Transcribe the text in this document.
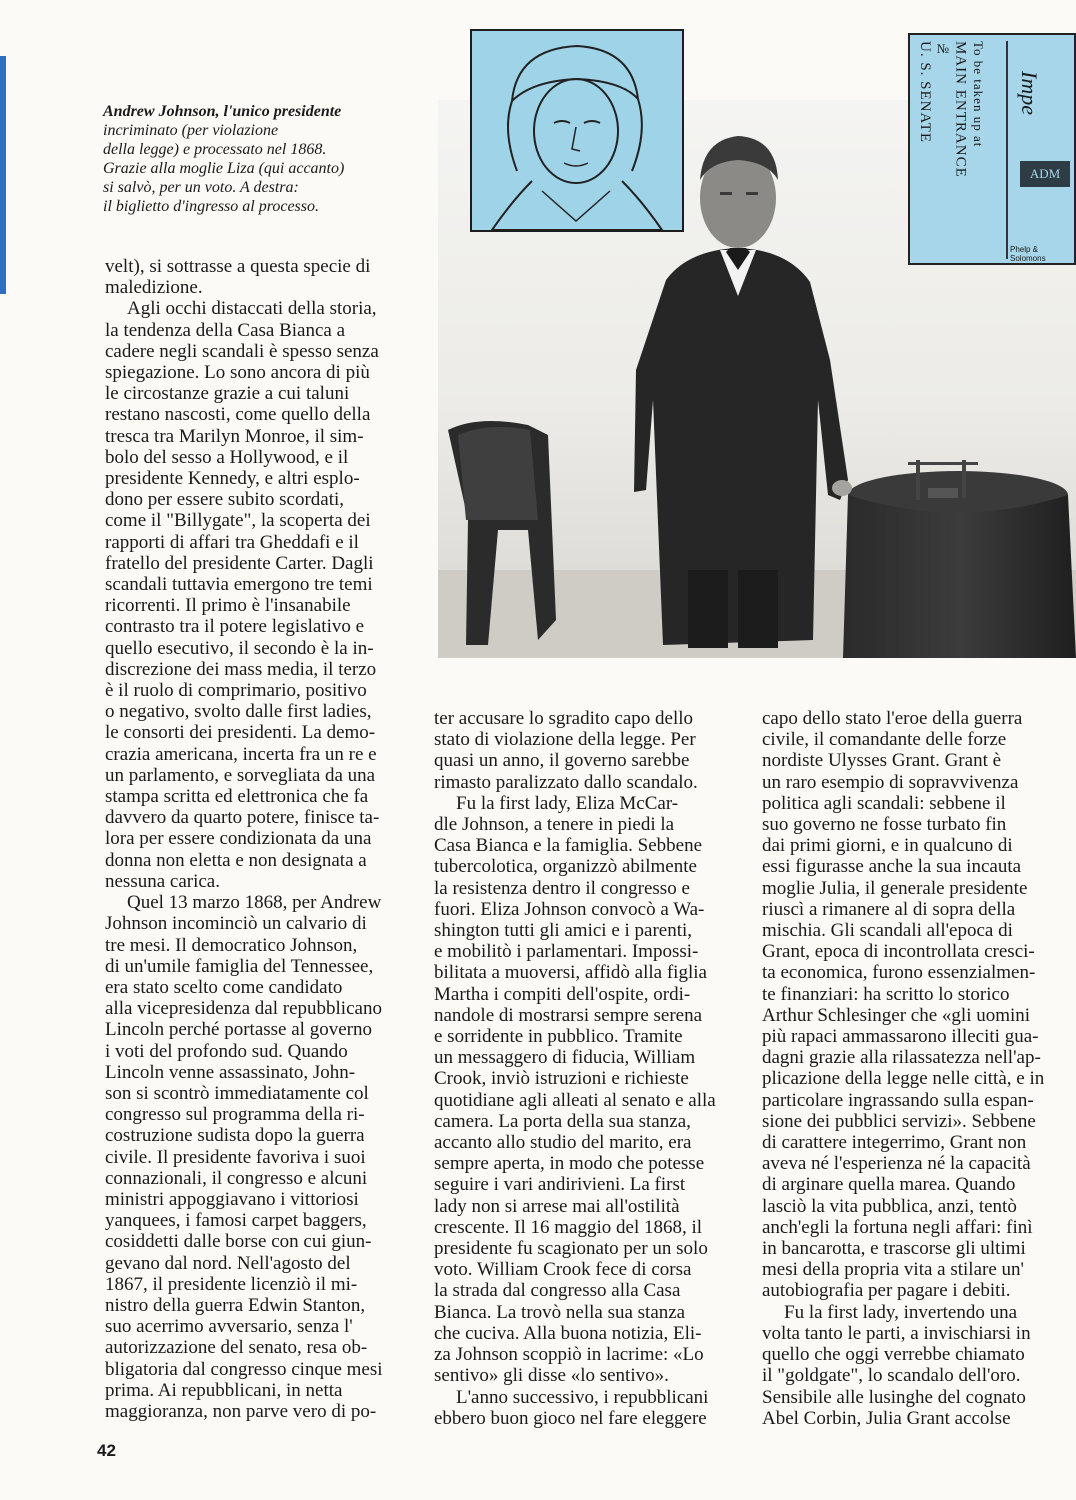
Andrew Johnson, l'unico presidente
incriminato (per violazione
della legge) e processato nel 1868.
Grazie alla moglie Liza (qui accanto)
si salvò, per un voto. A destra:
il biglietto d'ingresso al processo.
To be taken up at
MAIN ENTRANCE
№
U. S. SENATE	Impe
ADM
Phelp & Solomons
velt), si sottrasse a questa specie di
maledizione.
Agli occhi distaccati della storia,
la tendenza della Casa Bianca a
cadere negli scandali è spesso senza
spiegazione. Lo sono ancora di più
le circostanze grazie a cui taluni
restano nascosti, come quello della
tresca tra Marilyn Monroe, il sim-
bolo del sesso a Hollywood, e il
presidente Kennedy, e altri esplo-
dono per essere subito scordati,
come il "Billygate", la scoperta dei
rapporti di affari tra Gheddafi e il
fratello del presidente Carter. Dagli
scandali tuttavia emergono tre temi
ricorrenti. Il primo è l'insanabile
contrasto tra il potere legislativo e
quello esecutivo, il secondo è la in-
discrezione dei mass media, il terzo
è il ruolo di comprimario, positivo
o negativo, svolto dalle first ladies,
le consorti dei presidenti. La demo-
crazia americana, incerta fra un re e
un parlamento, e sorvegliata da una
stampa scritta ed elettronica che fa
davvero da quarto potere, finisce ta-
lora per essere condizionata da una
donna non eletta e non designata a
nessuna carica.
Quel 13 marzo 1868, per Andrew
Johnson incominciò un calvario di
tre mesi. Il democratico Johnson,
di un'umile famiglia del Tennessee,
era stato scelto come candidato
alla vicepresidenza dal repubblicano
Lincoln perché portasse al governo
i voti del profondo sud. Quando
Lincoln venne assassinato, John-
son si scontrò immediatamente col
congresso sul programma della ri-
costruzione sudista dopo la guerra
civile. Il presidente favoriva i suoi
connazionali, il congresso e alcuni
ministri appoggiavano i vittoriosi
yanquees, i famosi carpet baggers,
cosiddetti dalle borse con cui giun-
gevano dal nord. Nell'agosto del
1867, il presidente licenziò il mi-
nistro della guerra Edwin Stanton,
suo acerrimo avversario, senza l'
autorizzazione del senato, resa ob-
bligatoria dal congresso cinque mesi
prima. Ai repubblicani, in netta
maggioranza, non parve vero di po-
ter accusare lo sgradito capo dello
stato di violazione della legge. Per
quasi un anno, il governo sarebbe
rimasto paralizzato dallo scandalo.
Fu la first lady, Eliza McCar-
dle Johnson, a tenere in piedi la
Casa Bianca e la famiglia. Sebbene
tubercolotica, organizzò abilmente
la resistenza dentro il congresso e
fuori. Eliza Johnson convocò a Wa-
shington tutti gli amici e i parenti,
e mobilitò i parlamentari. Impossi-
bilitata a muoversi, affidò alla figlia
Martha i compiti dell'ospite, ordi-
nandole di mostrarsi sempre serena
e sorridente in pubblico. Tramite
un messaggero di fiducia, William
Crook, inviò istruzioni e richieste
quotidiane agli alleati al senato e alla
camera. La porta della sua stanza,
accanto allo studio del marito, era
sempre aperta, in modo che potesse
seguire i vari andirivieni. La first
lady non si arrese mai all'ostilità
crescente. Il 16 maggio del 1868, il
presidente fu scagionato per un solo
voto. William Crook fece di corsa
la strada dal congresso alla Casa
Bianca. La trovò nella sua stanza
che cuciva. Alla buona notizia, Eli-
za Johnson scoppiò in lacrime: «Lo
sentivo» gli disse «lo sentivo».
L'anno successivo, i repubblicani
ebbero buon gioco nel fare eleggere
capo dello stato l'eroe della guerra
civile, il comandante delle forze
nordiste Ulysses Grant. Grant è
un raro esempio di sopravvivenza
politica agli scandali: sebbene il
suo governo ne fosse turbato fin
dai primi giorni, e in qualcuno di
essi figurasse anche la sua incauta
moglie Julia, il generale presidente
riuscì a rimanere al di sopra della
mischia. Gli scandali all'epoca di
Grant, epoca di incontrollata cresci-
ta economica, furono essenzialmen-
te finanziari: ha scritto lo storico
Arthur Schlesinger che «gli uomini
più rapaci ammassarono illeciti gua-
dagni grazie alla rilassatezza nell'ap-
plicazione della legge nelle città, e in
particolare ingrassando sulla espan-
sione dei pubblici servizi». Sebbene
di carattere integerrimo, Grant non
aveva né l'esperienza né la capacità
di arginare quella marea. Quando
lasciò la vita pubblica, anzi, tentò
anch'egli la fortuna negli affari: finì
in bancarotta, e trascorse gli ultimi
mesi della propria vita a stilare un'
autobiografia per pagare i debiti.
Fu la first lady, invertendo una
volta tanto le parti, a invischiarsi in
quello che oggi verrebbe chiamato
il "goldgate", lo scandalo dell'oro.
Sensibile alle lusinghe del cognato
Abel Corbin, Julia Grant accolse
42
